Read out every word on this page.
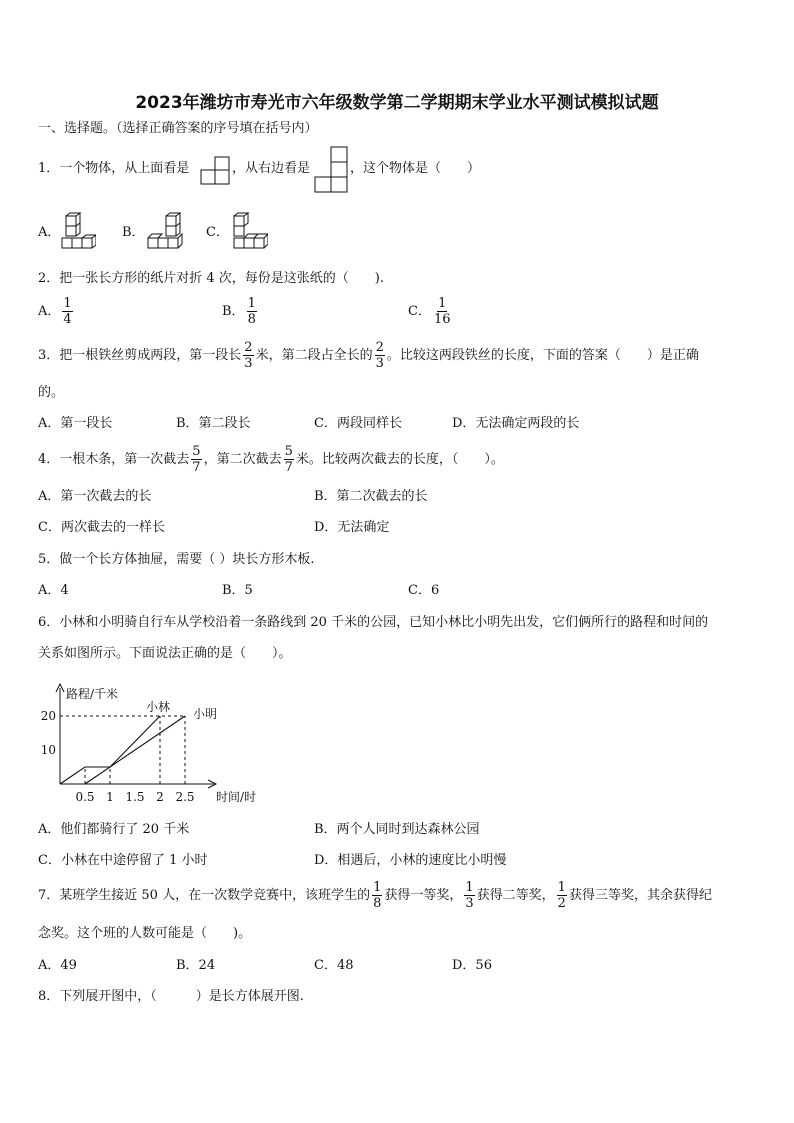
2023年潍坊市寿光市六年级数学第二学期期末学业水平测试模拟试题
一、选择题。（选择正确答案的序号填在括号内）
1．一个物体，从上面看是	，从右边看是	，这个物体是（　　）
A．	B．	C．
2．把一张长方形的纸片对折 4 次，每份是这张纸的（　　).
A． $\frac{1}{4}$	B． $\frac{1}{8}$	C． $\frac{1}{16}$
3．把一根铁丝剪成两段，第一段长 $\frac{2}{3}$ 米，第二段占全长的 $\frac{2}{3}$ 。比较这两段铁丝的长度，下面的答案（　　）是正确
的。
A．第一段长	B．第二段长	C．两段同样长	D．无法确定两段的长
4．一根木条，第一次截去 $\frac{5}{7}$ ，第二次截去 $\frac{5}{7}$ 米。比较两次截去的长度，（　　）。
A．第一次截去的长	B．第二次截去的长
C．两次截去的一样长	D．无法确定
5．做一个长方体抽屉，需要（ ）块长方形木板.
A．4	B．5	C．6
6．小林和小明骑自行车从学校沿着一条路线到 20 千米的公园，已知小林比小明先出发，它们俩所行的路程和时间的
关系如图所示。下面说法正确的是（　　）。
0.5 1 1.5 2 2.5
10
20
小林 小明
路程/千米
时间/时
A．他们都骑行了 20 千米	B．两个人同时到达森林公园
C．小林在中途停留了 1 小时	D．相遇后，小林的速度比小明慢
7．某班学生接近 50 人，在一次数学竞赛中，该班学生的 $\frac{1}{8}$ 获得一等奖， $\frac{1}{3}$ 获得二等奖， $\frac{1}{2}$ 获得三等奖，其余获得纪
念奖。这个班的人数可能是（　　)。
A．49	B．24	C．48	D．56
8．下列展开图中，（　　　）是长方体展开图.
